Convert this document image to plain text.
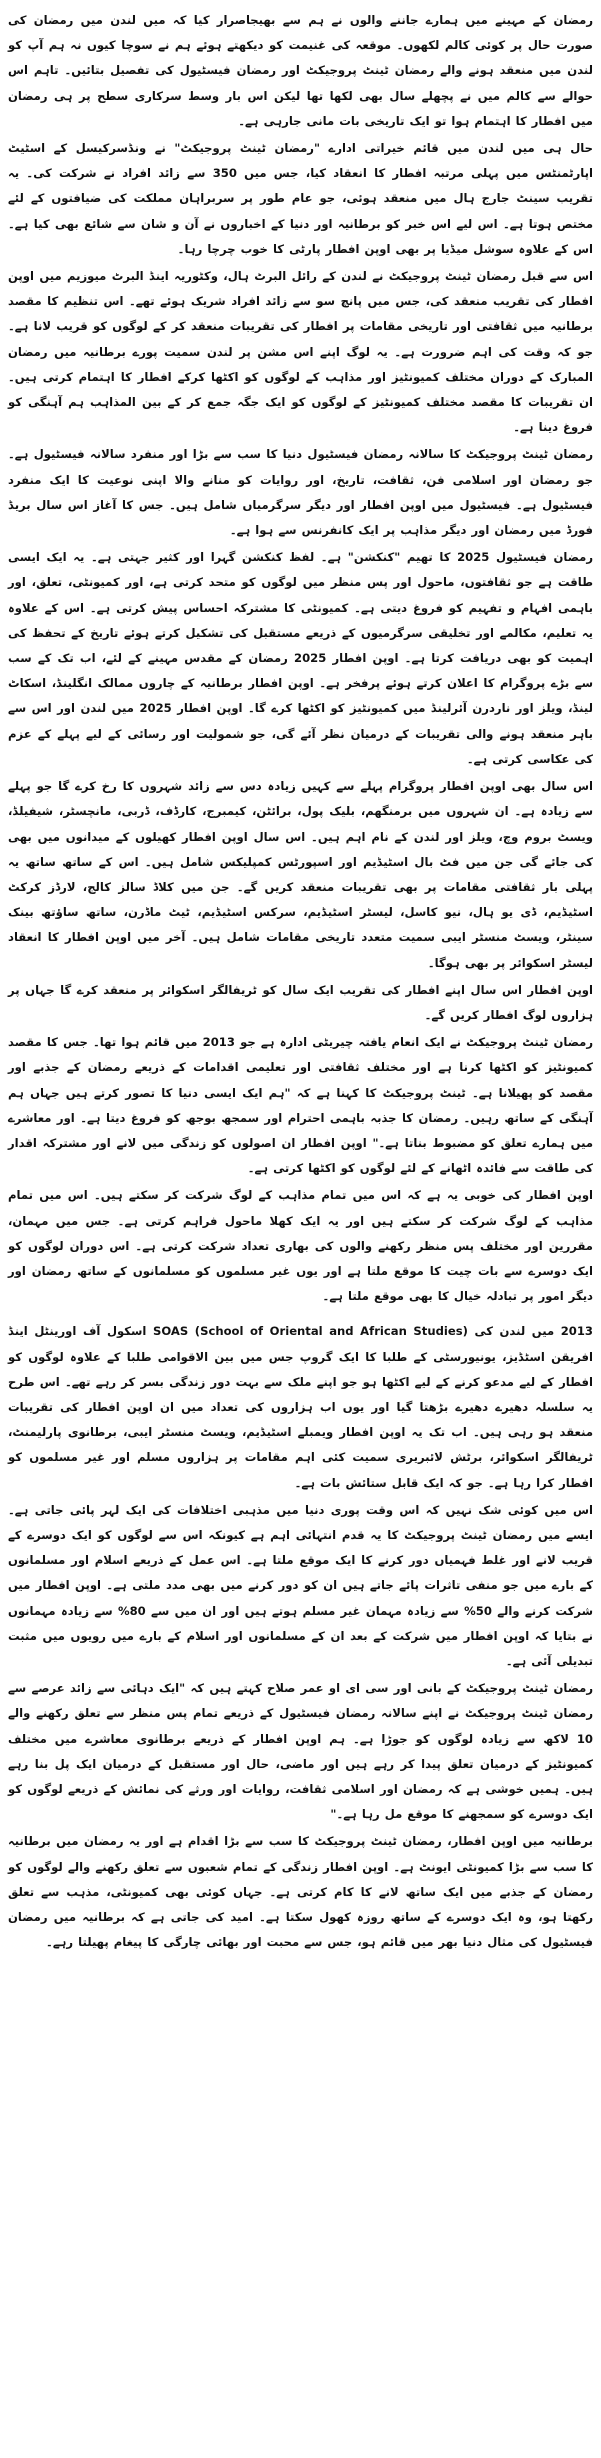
رمضان کے مہینے میں ہمارے جاننے والوں نے ہم سے بھیجاصرار کیا کہ میں لندن میں رمضان کی صورت حال پر کوئی کالم لکھوں۔ موقعہ کی غنیمت کو دیکھتے ہوئے ہم نے سوچا کیوں نہ ہم آپ کو لندن میں منعقد ہونے والے رمضان ٹینٹ پروجیکٹ اور رمضان فیسٹیول کی تفصیل بتائیں۔ تاہم اس حوالے سے کالم میں نے پچھلے سال بھی لکھا تھا لیکن اس بار وسط سرکاری سطح پر ہی رمضان میں افطار کا اہتمام ہوا تو ایک تاریخی بات مانی جارہی ہے۔

حال ہی میں لندن میں قائم خیراتی ادارے "رمضان ٹینٹ پروجیکٹ" نے ونڈسرکیسل کے اسٹیٹ اپارٹمنٹس میں پہلی مرتبہ افطار کا انعقاد کیا، جس میں 350 سے زائد افراد نے شرکت کی۔ یہ تقریب سینٹ جارج ہال میں منعقد ہوئی، جو عام طور پر سربراہان مملکت کی ضیافتوں کے لئے مختص ہوتا ہے۔ اس لیے اس خبر کو برطانیہ اور دنیا کے اخباروں نے آن و شان سے شائع بھی کیا ہے۔ اس کے علاوہ سوشل میڈیا پر بھی اوپن افطار پارٹی کا خوب چرچا رہا۔

اس سے قبل رمضان ٹینٹ پروجیکٹ نے لندن کے رائل البرٹ ہال، وکٹوریہ اینڈ البرٹ میوزیم میں اوپن افطار کی تقریب منعقد کی، جس میں پانچ سو سے زائد افراد شریک ہوئے تھے۔ اس تنظیم کا مقصد برطانیہ میں ثقافتی اور تاریخی مقامات پر افطار کی تقریبات منعقد کر کے لوگوں کو قریب لانا ہے۔ جو کہ وقت کی اہم ضرورت ہے۔ یہ لوگ اپنے اس مشن پر لندن سمیت پورے برطانیہ میں رمضان المبارک کے دوران مختلف کمیونٹیز اور مذاہب کے لوگوں کو اکٹھا کرکے افطار کا اہتمام کرتی ہیں۔ ان تقریبات کا مقصد مختلف کمیونٹیز کے لوگوں کو ایک جگہ جمع کر کے بین المذاہب ہم آہنگی کو فروغ دینا ہے۔

رمضان ٹینٹ پروجیکٹ کا سالانہ رمضان فیسٹیول دنیا کا سب سے بڑا اور منفرد سالانہ فیسٹیول ہے۔ جو رمضان اور اسلامی فن، ثقافت، تاریخ، اور روایات کو منانے والا اپنی نوعیت کا ایک منفرد فیسٹیول ہے۔ فیسٹیول میں اوپن افطار اور دیگر سرگرمیاں شامل ہیں۔ جس کا آغاز اس سال بریڈ فورڈ میں رمضان اور دیگر مذاہب پر ایک کانفرنس سے ہوا ہے۔

رمضان فیسٹیول 2025 کا تھیم "کنکشن" ہے۔ لفظ کنکشن گہرا اور کثیر جہتی ہے۔ یہ ایک ایسی طاقت ہے جو ثقافتوں، ماحول اور پس منظر میں لوگوں کو متحد کرتی ہے، اور کمیونٹی، تعلق، اور باہمی افہام و تفہیم کو فروغ دیتی ہے۔ کمیونٹی کا مشترکہ احساس پیش کرتی ہے۔ اس کے علاوہ یہ تعلیم، مکالمے اور تخلیقی سرگرمیوں کے ذریعے مستقبل کی تشکیل کرتے ہوئے تاریخ کے تحفظ کی اہمیت کو بھی دریافت کرتا ہے۔ اوپن افطار 2025 رمضان کے مقدس مہینے کے لئے، اب تک کے سب سے بڑے پروگرام کا اعلان کرتے ہوئے پرفخر ہے۔ اوپن افطار برطانیہ کے چاروں ممالک انگلینڈ، اسکاٹ لینڈ، ویلز اور ناردرن آئرلینڈ میں کمیونٹیز کو اکٹھا کرے گا۔ اوپن افطار 2025 میں لندن اور اس سے باہر منعقد ہونے والی تقریبات کے درمیان نظر آئے گی، جو شمولیت اور رسائی کے لیے پہلے کے عزم کی عکاسی کرتی ہے۔

اس سال بھی اوپن افطار پروگرام پہلے سے کہیں زیادہ دس سے زائد شہروں کا رخ کرے گا جو پہلے سے زیادہ ہے۔ ان شہروں میں برمنگھم، بلیک پول، برائٹن، کیمبرج، کارڈف، ڈربی، مانچسٹر، شیفیلڈ، ویسٹ بروم وچ، ویلز اور لندن کے نام اہم ہیں۔ اس سال اوپن افطار کھیلوں کے میدانوں میں بھی کی جائے گی جن میں فٹ بال اسٹیڈیم اور اسپورٹس کمپلیکس شامل ہیں۔ اس کے ساتھ ساتھ یہ پہلی بار ثقافتی مقامات پر بھی تقریبات منعقد کریں گے۔ جن میں کلاڈ سالز کالج، لارڈز کرکٹ اسٹیڈیم، ڈی یو ہال، نیو کاسل، لیسٹر اسٹیڈیم، سرکس اسٹیڈیم، ٹیٹ ماڈرن، ساتھ ساؤتھ بینک سینٹر، ویسٹ منسٹر ایبی سمیت متعدد تاریخی مقامات شامل ہیں۔ آخر میں اوپن افطار کا انعقاد لیسٹر اسکوائر پر بھی ہوگا۔

اوپن افطار اس سال اپنے افطار کی تقریب ایک سال کو ٹریفالگر اسکوائر پر منعقد کرے گا جہاں پر ہزاروں لوگ افطار کریں گے۔

رمضان ٹینٹ پروجیکٹ نے ایک انعام یافتہ چیریٹی ادارہ ہے جو 2013 میں قائم ہوا تھا۔ جس کا مقصد کمیونٹیز کو اکٹھا کرنا ہے اور مختلف ثقافتی اور تعلیمی اقدامات کے ذریعے رمضان کے جذبے اور مقصد کو پھیلانا ہے۔ ٹینٹ پروجیکٹ کا کہنا ہے کہ "ہم ایک ایسی دنیا کا تصور کرتے ہیں جہاں ہم آہنگی کے ساتھ رہیں۔ رمضان کا جذبہ باہمی احترام اور سمجھ بوجھ کو فروغ دیتا ہے۔ اور معاشرے میں ہمارے تعلق کو مضبوط بناتا ہے۔" اوپن افطار ان اصولوں کو زندگی میں لانے اور مشترکہ اقدار کی طاقت سے فائدہ اٹھانے کے لئے لوگوں کو اکٹھا کرتی ہے۔

اوپن افطار کی خوبی یہ ہے کہ اس میں تمام مذاہب کے لوگ شرکت کر سکتے ہیں۔ اس میں تمام مذاہب کے لوگ شرکت کر سکتے ہیں اور یہ ایک کھلا ماحول فراہم کرتی ہے۔ جس میں مہمان، مقررین اور مختلف پس منظر رکھنے والوں کی بھاری تعداد شرکت کرتی ہے۔ اس دوران لوگوں کو ایک دوسرے سے بات چیت کا موقع ملتا ہے اور یوں غیر مسلموں کو مسلمانوں کے ساتھ رمضان اور دیگر امور پر تبادلہ خیال کا بھی موقع ملتا ہے۔

2013 میں لندن کی SOAS (School of Oriental and African Studies) اسکول آف اورینٹل اینڈ افریقن اسٹڈیز، یونیورسٹی کے طلبا کا ایک گروپ جس میں بین الاقوامی طلبا کے علاوہ لوگوں کو افطار کے لیے مدعو کرنے کے لیے اکٹھا ہو جو اپنے ملک سے بہت دور زندگی بسر کر رہے تھے۔ اس طرح یہ سلسلہ دھیرے دھیرے بڑھتا گیا اور یوں اب ہزاروں کی تعداد میں ان اوپن افطار کی تقریبات منعقد ہو رہی ہیں۔ اب تک یہ اوپن افطار ویمبلے اسٹیڈیم، ویسٹ منسٹر ایبی، برطانوی پارلیمنٹ، ٹریفالگر اسکوائر، برٹش لائبریری سمیت کئی اہم مقامات پر ہزاروں مسلم اور غیر مسلموں کو افطار کرا رہا ہے۔ جو کہ ایک قابل ستائش بات ہے۔

اس میں کوئی شک نہیں کہ اس وقت پوری دنیا میں مذہبی اختلافات کی ایک لہر پائی جاتی ہے۔ ایسے میں رمضان ٹینٹ پروجیکٹ کا یہ قدم انتہائی اہم ہے کیونکہ اس سے لوگوں کو ایک دوسرے کے قریب لانے اور غلط فہمیاں دور کرنے کا ایک موقع ملتا ہے۔ اس عمل کے ذریعے اسلام اور مسلمانوں کے بارے میں جو منفی تاثرات پائے جاتے ہیں ان کو دور کرنے میں بھی مدد ملتی ہے۔ اوپن افطار میں شرکت کرنے والے 50% سے زیادہ مہمان غیر مسلم ہوتے ہیں اور ان میں سے 80% سے زیادہ مہمانوں نے بتایا کہ اوپن افطار میں شرکت کے بعد ان کے مسلمانوں اور اسلام کے بارے میں رویوں میں مثبت تبدیلی آئی ہے۔

رمضان ٹینٹ پروجیکٹ کے بانی اور سی ای او عمر صلاح کہتے ہیں کہ "ایک دہائی سے زائد عرصے سے رمضان ٹینٹ پروجیکٹ نے اپنے سالانہ رمضان فیسٹیول کے ذریعے تمام پس منظر سے تعلق رکھنے والے 10 لاکھ سے زیادہ لوگوں کو جوڑا ہے۔ ہم اوپن افطار کے ذریعے برطانوی معاشرے میں مختلف کمیونٹیز کے درمیان تعلق پیدا کر رہے ہیں اور ماضی، حال اور مستقبل کے درمیان ایک پل بنا رہے ہیں۔ ہمیں خوشی ہے کہ رمضان اور اسلامی ثقافت، روایات اور ورثے کی نمائش کے ذریعے لوگوں کو ایک دوسرے کو سمجھنے کا موقع مل رہا ہے۔"

برطانیہ میں اوپن افطار، رمضان ٹینٹ پروجیکٹ کا سب سے بڑا اقدام ہے اور یہ رمضان میں برطانیہ کا سب سے بڑا کمیونٹی ایونٹ ہے۔ اوپن افطار زندگی کے تمام شعبوں سے تعلق رکھنے والے لوگوں کو رمضان کے جذبے میں ایک ساتھ لانے کا کام کرتی ہے۔ جہاں کوئی بھی کمیونٹی، مذہب سے تعلق رکھتا ہو، وہ ایک دوسرے کے ساتھ روزہ کھول سکتا ہے۔ امید کی جاتی ہے کہ برطانیہ میں رمضان فیسٹیول کی مثال دنیا بھر میں قائم ہو، جس سے محبت اور بھائی چارگی کا پیغام پھیلتا رہے۔
